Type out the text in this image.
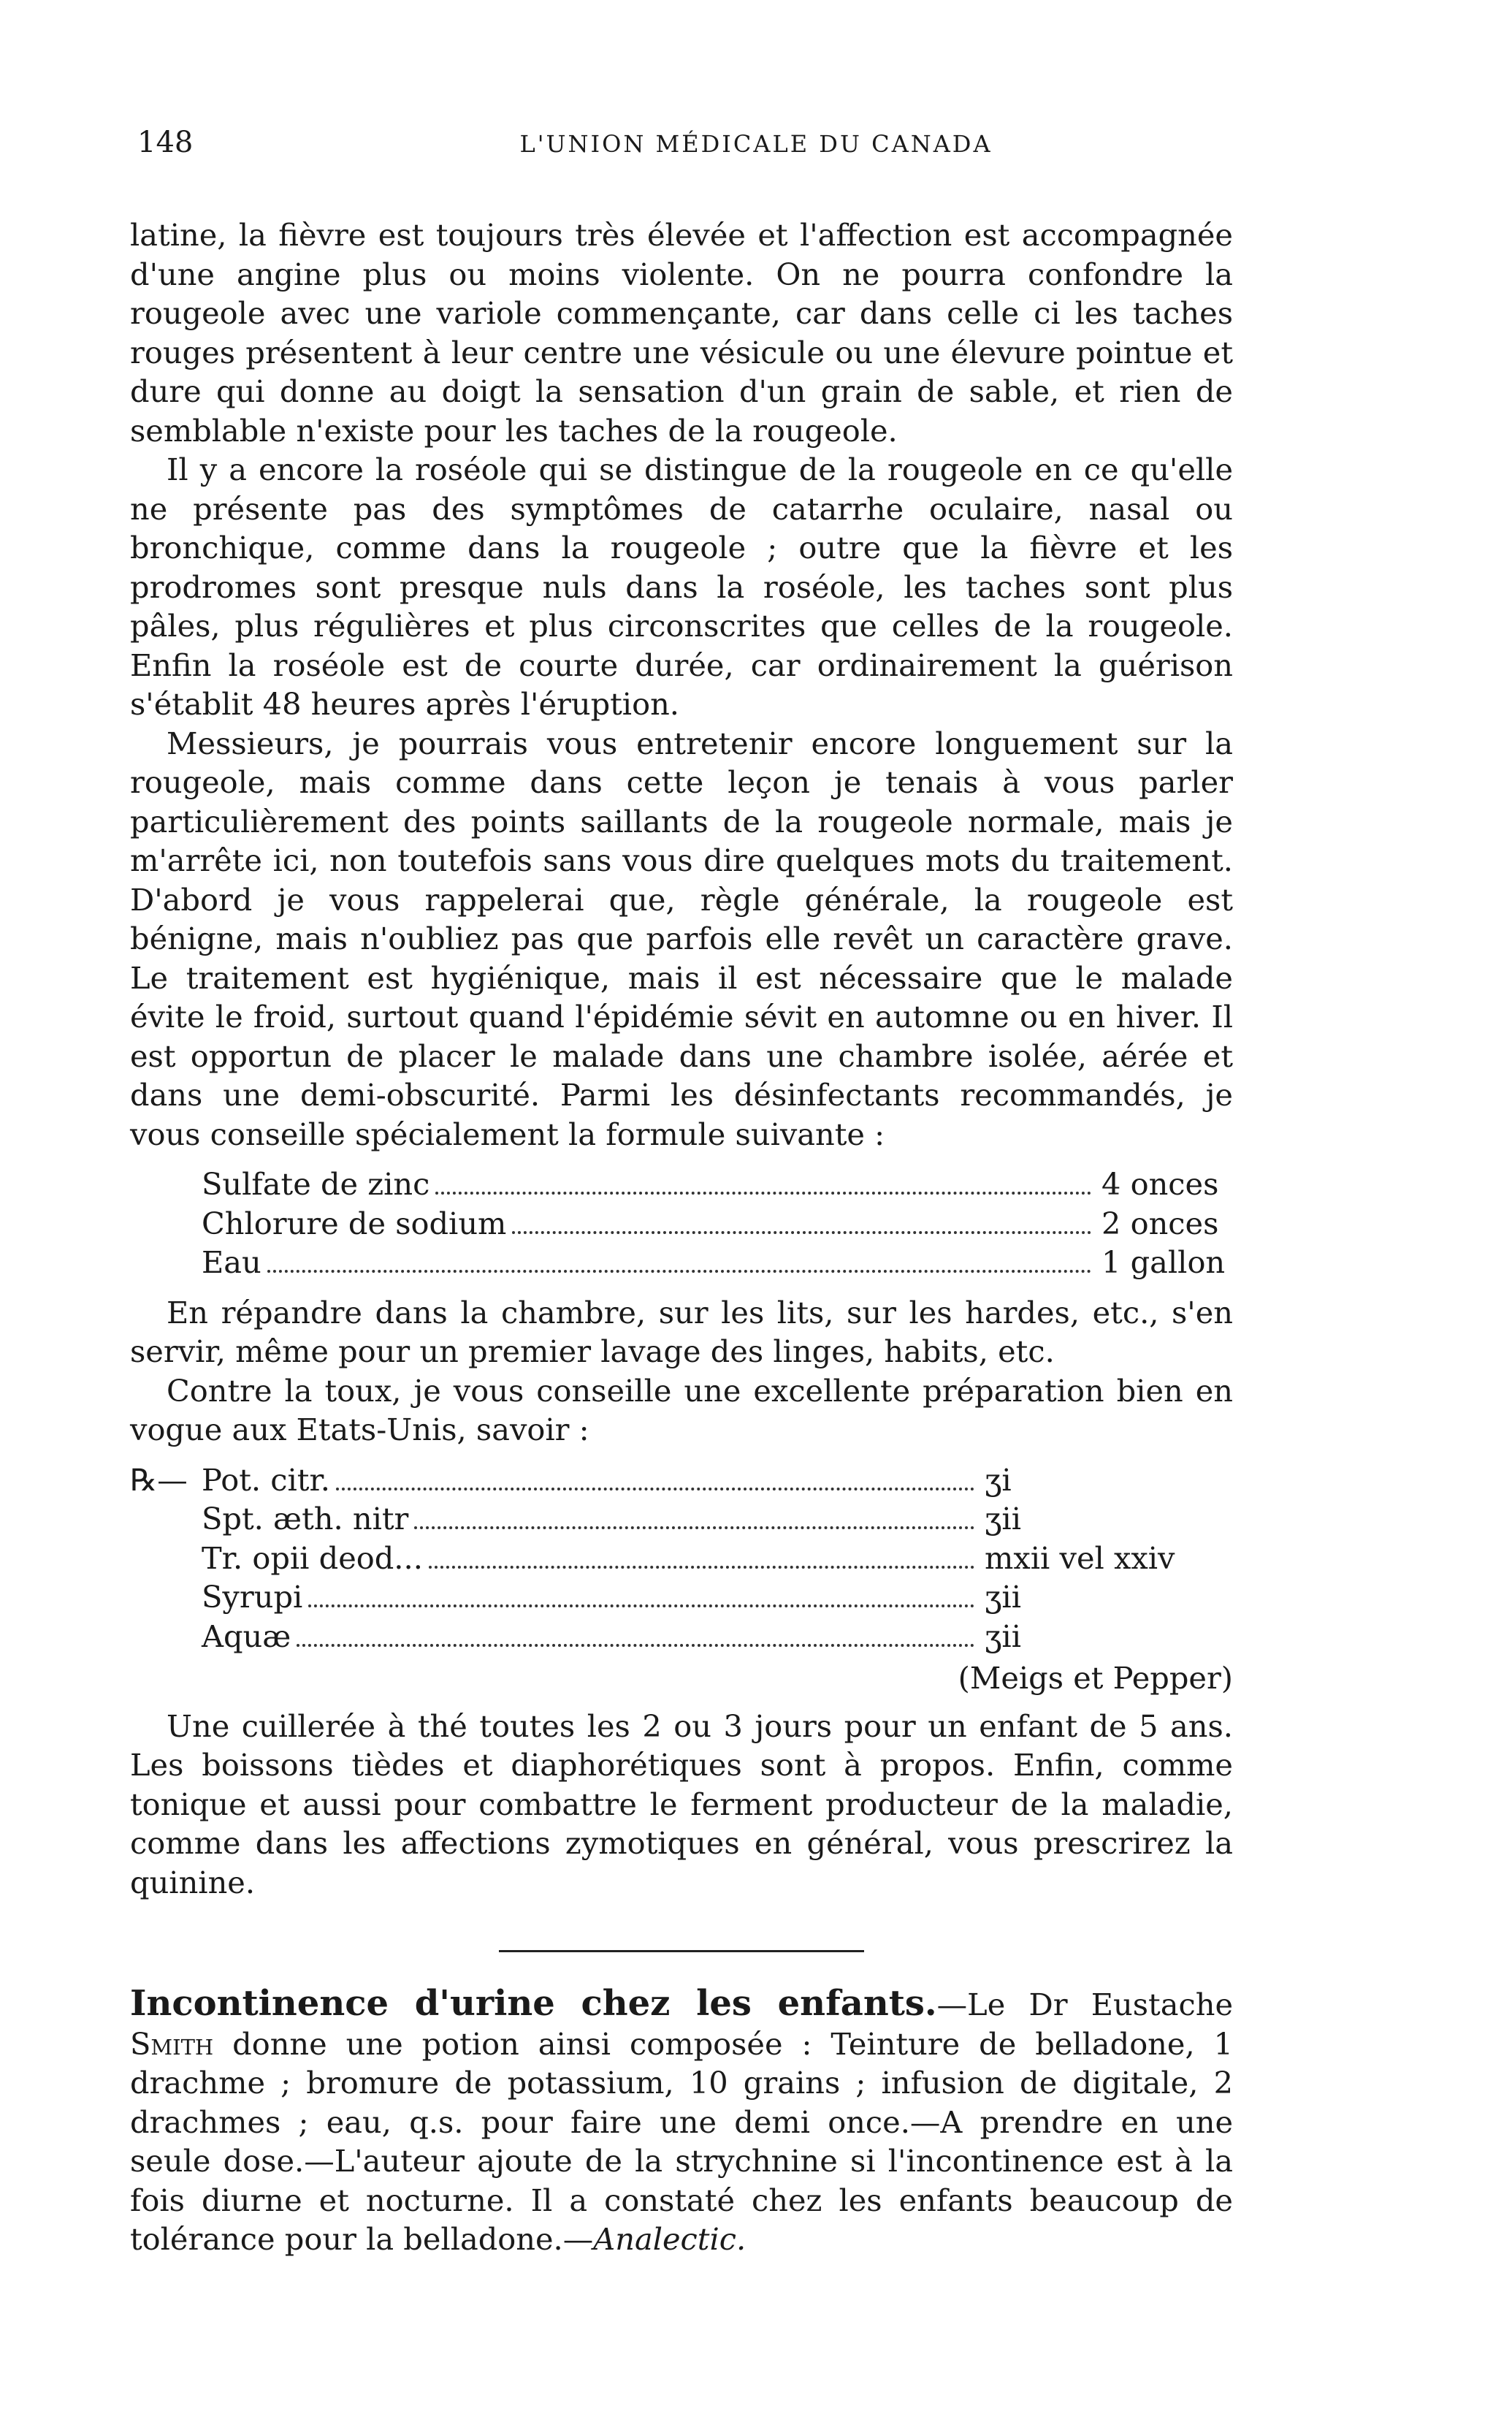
148	L'UNION MÉDICALE DU CANADA

latine, la fièvre est toujours très élevée et l'affection est accompagnée d'une angine plus ou moins violente. On ne pourra confondre la rougeole avec une variole commençante, car dans celle ci les taches rouges présentent à leur centre une vésicule ou une élevure pointue et dure qui donne au doigt la sensation d'un grain de sable, et rien de semblable n'existe pour les taches de la rougeole.

Il y a encore la roséole qui se distingue de la rougeole en ce qu'elle ne présente pas des symptômes de catarrhe oculaire, nasal ou bronchique, comme dans la rougeole ; outre que la fièvre et les prodromes sont presque nuls dans la roséole, les taches sont plus pâles, plus régulières et plus circonscrites que celles de la rougeole. Enfin la roséole est de courte durée, car ordinairement la guérison s'établit 48 heures après l'éruption.

Messieurs, je pourrais vous entretenir encore longuement sur la rougeole, mais comme dans cette leçon je tenais à vous parler particulièrement des points saillants de la rougeole normale, mais je m'arrête ici, non toutefois sans vous dire quelques mots du traitement. D'abord je vous rappelerai que, règle générale, la rougeole est bénigne, mais n'oubliez pas que parfois elle revêt un caractère grave. Le traitement est hygiénique, mais il est nécessaire que le malade évite le froid, surtout quand l'épidémie sévit en automne ou en hiver. Il est opportun de placer le malade dans une chambre isolée, aérée et dans une demi-obscurité. Parmi les désinfectants recommandés, je vous conseille spécialement la formule suivante :

Sulfate de zinc	4 onces
Chlorure de sodium	2 onces
Eau	1 gallon

En répandre dans la chambre, sur les lits, sur les hardes, etc., s'en servir, même pour un premier lavage des linges, habits, etc.

Contre la toux, je vous conseille une excellente préparation bien en vogue aux Etats-Unis, savoir :

℞— Pot. citr.	ʒi
Spt. æth. nitr	ʒii
Tr. opii deod...	mxii vel xxiv
Syrupi	ʒii
Aquæ	ʒii
(Meigs et Pepper)

Une cuillerée à thé toutes les 2 ou 3 jours pour un enfant de 5 ans. Les boissons tièdes et diaphorétiques sont à propos. Enfin, comme tonique et aussi pour combattre le ferment producteur de la maladie, comme dans les affections zymotiques en général, vous prescrirez la quinine.

Incontinence d'urine chez les enfants.—Le Dr Eustache Smith donne une potion ainsi composée : Teinture de belladone, 1 drachme ; bromure de potassium, 10 grains ; infusion de digitale, 2 drachmes ; eau, q.s. pour faire une demi once.—A prendre en une seule dose.—L'auteur ajoute de la strychnine si l'incontinence est à la fois diurne et nocturne. Il a constaté chez les enfants beaucoup de tolérance pour la belladone.—Analectic.
